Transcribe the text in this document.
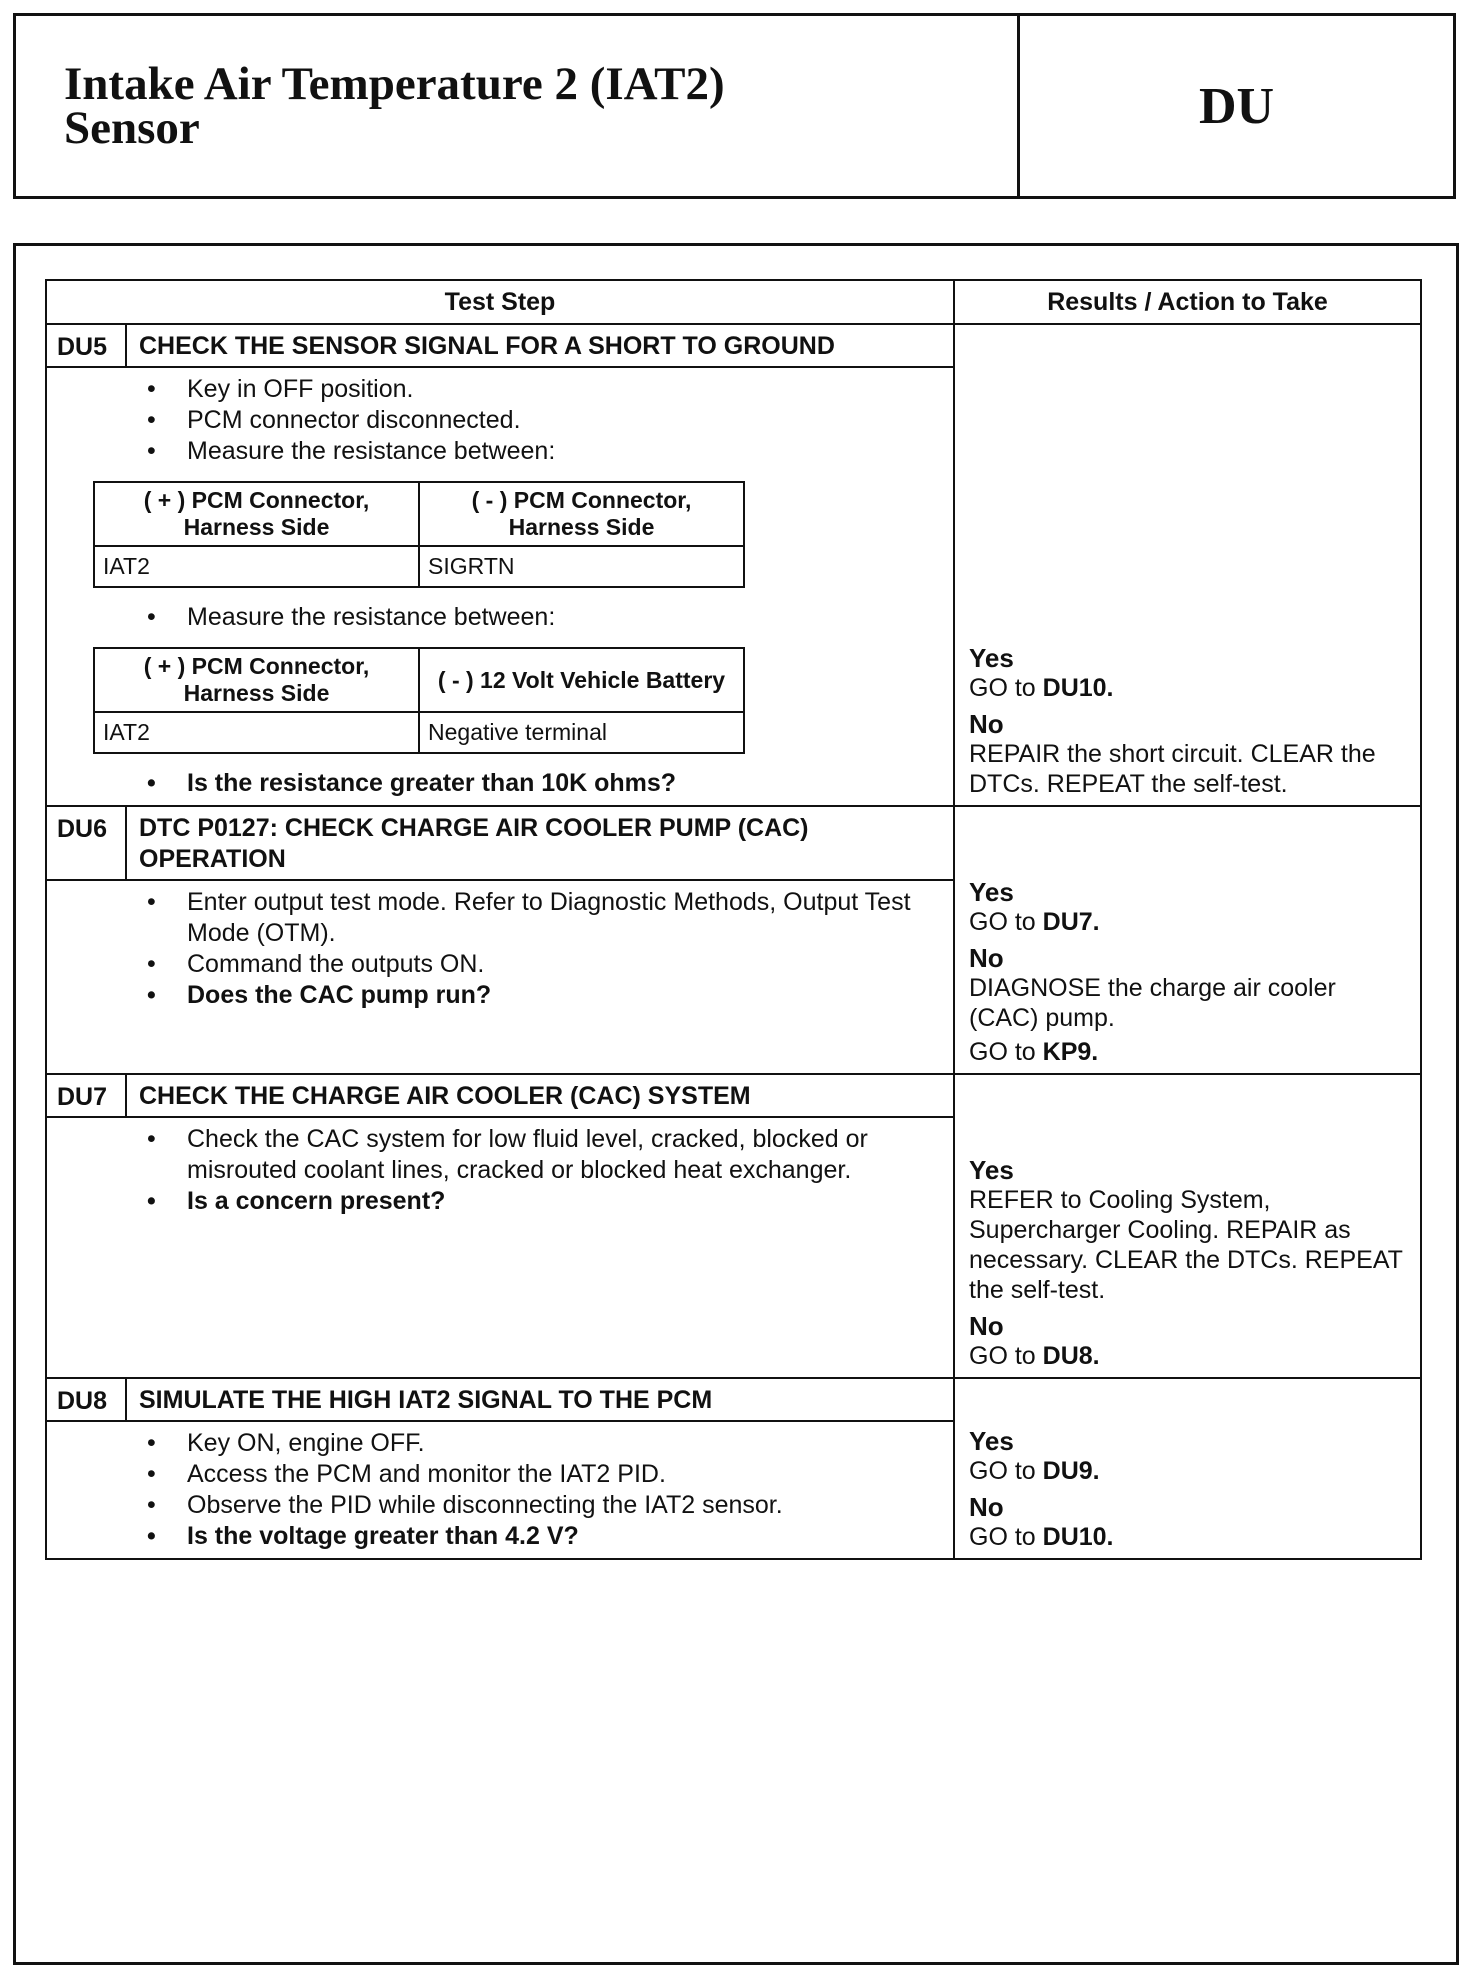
Intake Air Temperature 2 (IAT2)
Sensor	DU
Test Step	Results / Action to Take
DU5	CHECK THE SENSOR SIGNAL FOR A SHORT TO GROUND
• Key in OFF position.
• PCM connector disconnected.
• Measure the resistance between:
( + ) PCM Connector, Harness Side	( - ) PCM Connector, Harness Side
IAT2	SIGRTN
• Measure the resistance between:
( + ) PCM Connector, Harness Side	( - ) 12 Volt Vehicle Battery
IAT2	Negative terminal
• Is the resistance greater than 10K ohms?
Yes
GO to DU10.
No
REPAIR the short circuit. CLEAR the DTCs. REPEAT the self-test.
DU6	DTC P0127: CHECK CHARGE AIR COOLER PUMP (CAC) OPERATION
• Enter output test mode. Refer to Diagnostic Methods, Output Test Mode (OTM).
• Command the outputs ON.
• Does the CAC pump run?
Yes
GO to DU7.
No
DIAGNOSE the charge air cooler (CAC) pump.
GO to KP9.
DU7	CHECK THE CHARGE AIR COOLER (CAC) SYSTEM
• Check the CAC system for low fluid level, cracked, blocked or misrouted coolant lines, cracked or blocked heat exchanger.
• Is a concern present?
Yes
REFER to Cooling System, Supercharger Cooling. REPAIR as necessary. CLEAR the DTCs. REPEAT the self-test.
No
GO to DU8.
DU8	SIMULATE THE HIGH IAT2 SIGNAL TO THE PCM
• Key ON, engine OFF.
• Access the PCM and monitor the IAT2 PID.
• Observe the PID while disconnecting the IAT2 sensor.
• Is the voltage greater than 4.2 V?
Yes
GO to DU9.
No
GO to DU10.
